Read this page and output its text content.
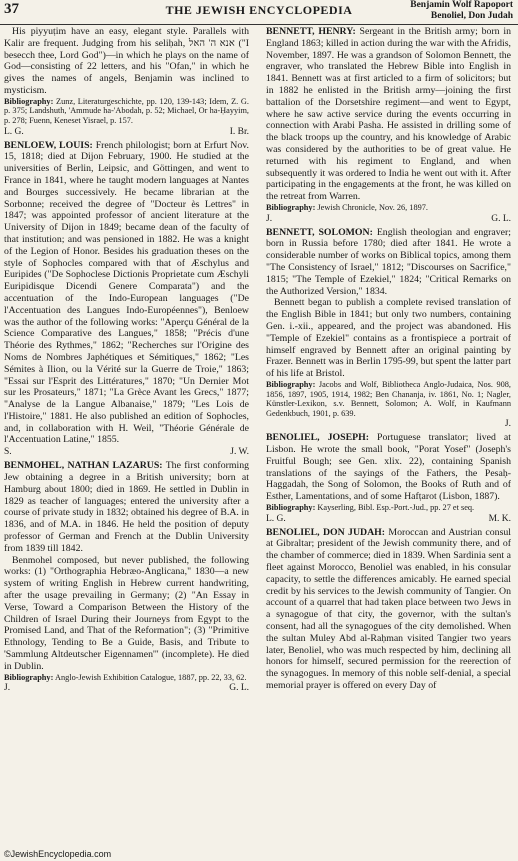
37	THE JEWISH ENCYCLOPEDIA	Benjamin Wolf Rapoport
Benoliel, Don Judah

His piyyuṭim have an easy, elegant style. Parallels with Kalir are frequent. Judging from his seliḥah, אנא ה' האל ("I besecch thee, Lord God")—in which he plays on the name of God—consisting of 22 letters, and his "Ofan," in which he gives the names of angels, Benjamin was inclined to mysticism.

Bibliography: Zunz, Literaturgesch​ichte, pp. 120, 139-143; Idem, Z. G. p. 375; Landshuth, 'Ammude ha-'Abodah, p. 52; Michael, Or ha-Ḥayyim, p. 278; Fuenn, Keneset Yisrael, p. 157.

L. G.	I. Br.

BENLOEW, LOUIS: French philologist; born at Erfurt Nov. 15, 1818; died at Dijon February, 1900. He studied at the universities of Berlin, Leipsic, and Göttingen, and went to France in 1841, where he taught modern languages at Nantes and Bourges successively. He became librarian at the Sorbonne; received the degree of "Docteur ès Lettres" in 1847; was appointed professor of ancient literature at the University of Dijon in 1849; became dean of the faculty of that institution; and was pensioned in 1882. He was a knight of the Legion of Honor. Besides his graduation theses on the style of Sophocles compared with that of Æschylus and Euripides ("De Sophoclese Dictionis Proprietate cum Æschyli Euripidisque Dicendi Genere Comparata") and the accentuation of the Indo-European languages ("De l'Accentuation des Langues Indo-Européennes"), Benloew was the author of the following works: "Aperçu Général de la Science Comparative des Langues," 1858; "Précis d'une Théorie des Rythmes," 1862; "Recherches sur l'Origine des Noms de Nombres Japhétiques et Sémitiques," 1862; "Les Sémites à Ilion, ou la Vérité sur la Guerre de Troie," 1863; "Essai sur l'Esprit des Littératures," 1870; "Un Dernier Mot sur les Prosateurs," 1871; "La Grèce Avant les Grecs," 1877; "Analyse de la Langue Albanaise," 1879; "Les Lois de l'Histoire," 1881. He also published an edition of Sophocles, and, in collaboration with H. Weil, "Théorie Générale de l'Accentuation Latine," 1855.

S.	J. W.

BENMOHEL, NATHAN LAZARUS: The first conforming Jew obtaining a degree in a British university; born at Hamburg about 1800; died in 1869. He settled in Dublin in 1829 as teacher of languages; entered the university after a course of private study in 1832; obtained his degree of B.A. in 1836, and of M.A. in 1846. He held the position of deputy professor of German and French at the Dublin University from 1839 till 1842.

Benmohel composed, but never published, the following works: (1) "Orthographia Hebræo-Anglicana," 1830—a new system of writing English in Hebrew current handwriting, after the usage prevailing in Germany; (2) "An Essay in Verse, Toward a Comparison Between the History of the Children of Israel During their Journeys from Egypt to the Promised Land, and That of the Reformation"; (3) "Primitive Ethnology, Tending to Be a Guide, Basis, and Tribute to 'Sammlung Altdeutscher Eigennamen'" (incomplete). He died in Dublin.

Bibliography: Anglo-Jewish Exhibition Catalogue, 1887, pp. 22, 33, 62.

J.	G. L.

BENNETT, HENRY: Sergeant in the British army; born in England 1863; killed in action during the war with the Afridis, November, 1897. He was a grandson of Solomon Bennett, the engraver, who translated the Hebrew Bible into English in 1841. Bennett was at first articled to a firm of solicitors; but in 1882 he enlisted in the British army—joining the first battalion of the Dorsetshire regiment—and went to Egypt, where he saw active service during the events occurring in connection with Arabi Pasha. He assisted in drilling some of the black troops up the country, and his knowledge of Arabic was considered by the authorities to be of great value. He returned with his regiment to England, and when subsequently it was ordered to India he went out with it. After participating in the engagements at the front, he was killed on the retreat from Warren.

Bibliography: Jewish Chronicle, Nov. 26, 1897.

J.	G. L.

BENNETT, SOLOMON: English theologian and engraver; born in Russia before 1780; died after 1841. He wrote a considerable number of works on Biblical topics, among them "The Consistency of Israel," 1812; "Discourses on Sacrifice," 1815; "The Temple of Ezekiel," 1824; "Critical Remarks on the Authorized Version," 1834.

Bennett began to publish a complete revised translation of the English Bible in 1841; but only two numbers, containing Gen. i.-xii., appeared, and the project was abandoned. His "Temple of Ezekiel" contains as a frontispiece a portrait of himself engraved by Bennett after an original painting by Frazer. Bennett was in Berlin 1795-99, but spent the latter part of his life at Bristol.

Bibliography: Jacobs and Wolf, Bibliotheca Anglo-Judaica, Nos. 908, 1856, 1897, 1905, 1914, 1982; Ben Chananja, iv. 1861, No. 1; Nagler, Künstler-Lexikon, s.v. Bennett, Solomon; A. Wolf, in Kaufmann Gedenkbuch, 1901, p. 639.

J.

BENOLIEL, JOSEPH: Portuguese translator; lived at Lisbon. He wrote the small book, "Porat Yosef" (Joseph's Fruitful Bough; see Gen. xlix. 22), containing Spanish translations of the sayings of the Fathers, the Pesaḥ-Haggadah, the Song of Solomon, the Books of Ruth and of Esther, Lamentations, and of some Hafṭarot (Lisbon, 1887).

Bibliography: Kayserling, Bibl. Esp.-Port.-Jud., pp. 27 et seq.

L. G.	M. K.

BENOLIEL, DON JUDAH: Moroccan and Austrian consul at Gibraltar; president of the Jewish community there, and of the chamber of commerce; died in 1839. When Sardinia sent a fleet against Morocco, Benoliel was enabled, in his consular capacity, to settle the differences amicably. He earned special credit by his services to the Jewish community of Tangier. On account of a quarrel that had taken place between two Jews in a synagogue of that city, the governor, with the sultan's consent, had all the synagogues of the city demolished. When the sultan Muley Abd al-Raḥman visited Tangier two years later, Benoliel, who was much respected by him, declining all honors for himself, secured permission for the reerection of the synagogues. In memory of this noble self-denial, a special memorial prayer is offered on every Day of

©JewishEncyclopedia.com
